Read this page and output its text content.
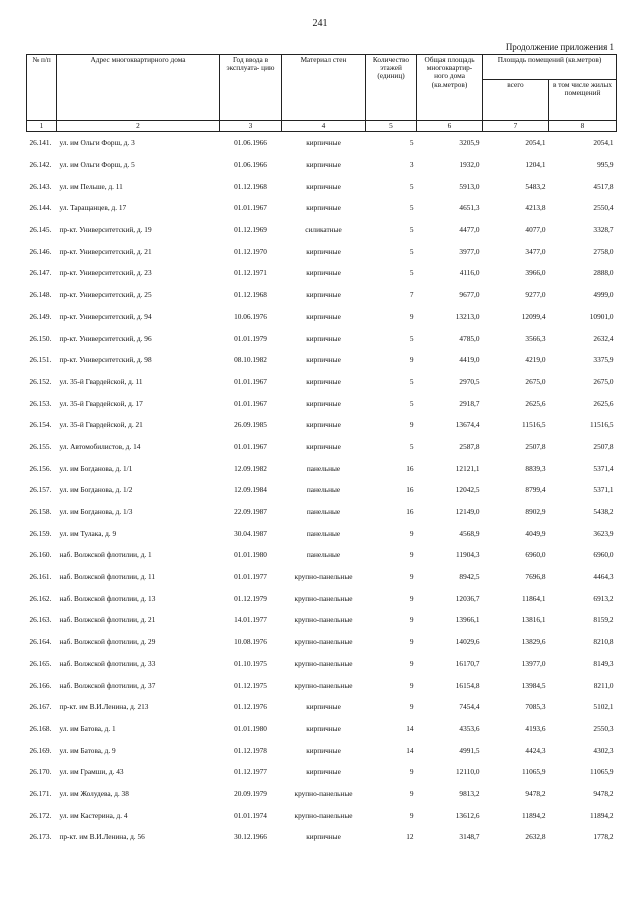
241
Продолжение приложения 1
№ п/п	Адрес многоквартирного дома	Год ввода в эксплуата- цию	Материал стен	Количество этажей (единиц)	Общая площадь многоквартир- ного дома (кв.метров)	Площадь помещений (кв.метров)	
						всего	в том числе жилых помещений
1	2	3	4	5	6	7	8
26.141.	ул. им Ольги Форш, д. 3	01.06.1966	кирпичные	5	3205,9	2054,1	2054,1
26.142.	ул. им Ольги Форш, д. 5	01.06.1966	кирпичные	3	1932,0	1204,1	995,9
26.143.	ул. им Пельше, д. 11	01.12.1968	кирпичные	5	5913,0	5483,2	4517,8
26.144.	ул. Таращанцев, д. 17	01.01.1967	кирпичные	5	4651,3	4213,8	2550,4
26.145.	пр-кт. Университетский, д. 19	01.12.1969	силикатные	5	4477,0	4077,0	3328,7
26.146.	пр-кт. Университетский, д. 21	01.12.1970	кирпичные	5	3977,0	3477,0	2758,0
26.147.	пр-кт. Университетский, д. 23	01.12.1971	кирпичные	5	4116,0	3966,0	2888,0
26.148.	пр-кт. Университетский, д. 25	01.12.1968	кирпичные	7	9677,0	9277,0	4999,0
26.149.	пр-кт. Университетский, д. 94	10.06.1976	кирпичные	9	13213,0	12099,4	10901,0
26.150.	пр-кт. Университетский, д. 96	01.01.1979	кирпичные	5	4785,0	3566,3	2632,4
26.151.	пр-кт. Университетский, д. 98	08.10.1982	кирпичные	9	4419,0	4219,0	3375,9
26.152.	ул. 35-й Гвардейской, д. 11	01.01.1967	кирпичные	5	2970,5	2675,0	2675,0
26.153.	ул. 35-й Гвардейской, д. 17	01.01.1967	кирпичные	5	2918,7	2625,6	2625,6
26.154.	ул. 35-й Гвардейской, д. 21	26.09.1985	кирпичные	9	13674,4	11516,5	11516,5
26.155.	ул. Автомобилистов, д. 14	01.01.1967	кирпичные	5	2587,8	2507,8	2507,8
26.156.	ул. им Богданова, д. 1/1	12.09.1982	панельные	16	12121,1	8839,3	5371,4
26.157.	ул. им Богданова, д. 1/2	12.09.1984	панельные	16	12042,5	8799,4	5371,1
26.158.	ул. им Богданова, д. 1/3	22.09.1987	панельные	16	12149,0	8902,9	5438,2
26.159.	ул. им Тулака, д. 9	30.04.1987	панельные	9	4568,9	4049,9	3623,9
26.160.	наб. Волжской флотилии, д. 1	01.01.1980	панельные	9	11904,3	6960,0	6960,0
26.161.	наб. Волжской флотилии, д. 11	01.01.1977	крупно-панельные	9	8942,5	7696,8	4464,3
26.162.	наб. Волжской флотилии, д. 13	01.12.1979	крупно-панельные	9	12036,7	11864,1	6913,2
26.163.	наб. Волжской флотилии, д. 21	14.01.1977	крупно-панельные	9	13966,1	13816,1	8159,2
26.164.	наб. Волжской флотилии, д. 29	10.08.1976	крупно-панельные	9	14029,6	13829,6	8210,8
26.165.	наб. Волжской флотилии, д. 33	01.10.1975	крупно-панельные	9	16170,7	13977,0	8149,3
26.166.	наб. Волжской флотилии, д. 37	01.12.1975	крупно-панельные	9	16154,8	13984,5	8211,0
26.167.	пр-кт. им В.И.Ленина, д. 213	01.12.1976	кирпичные	9	7454,4	7085,3	5102,1
26.168.	ул. им Батова, д. 1	01.01.1980	кирпичные	14	4353,6	4193,6	2550,3
26.169.	ул. им Батова, д. 9	01.12.1978	кирпичные	14	4991,5	4424,3	4302,3
26.170.	ул. им Грамши, д. 43	01.12.1977	кирпичные	9	12110,0	11065,9	11065,9
26.171.	ул. им Жолудева, д. 38	20.09.1979	крупно-панельные	9	9813,2	9478,2	9478,2
26.172.	ул. им Кастерина, д. 4	01.01.1974	крупно-панельные	9	13612,6	11894,2	11894,2
26.173.	пр-кт. им В.И.Ленина, д. 56	30.12.1966	кирпичные	12	3148,7	2632,8	1778,2
